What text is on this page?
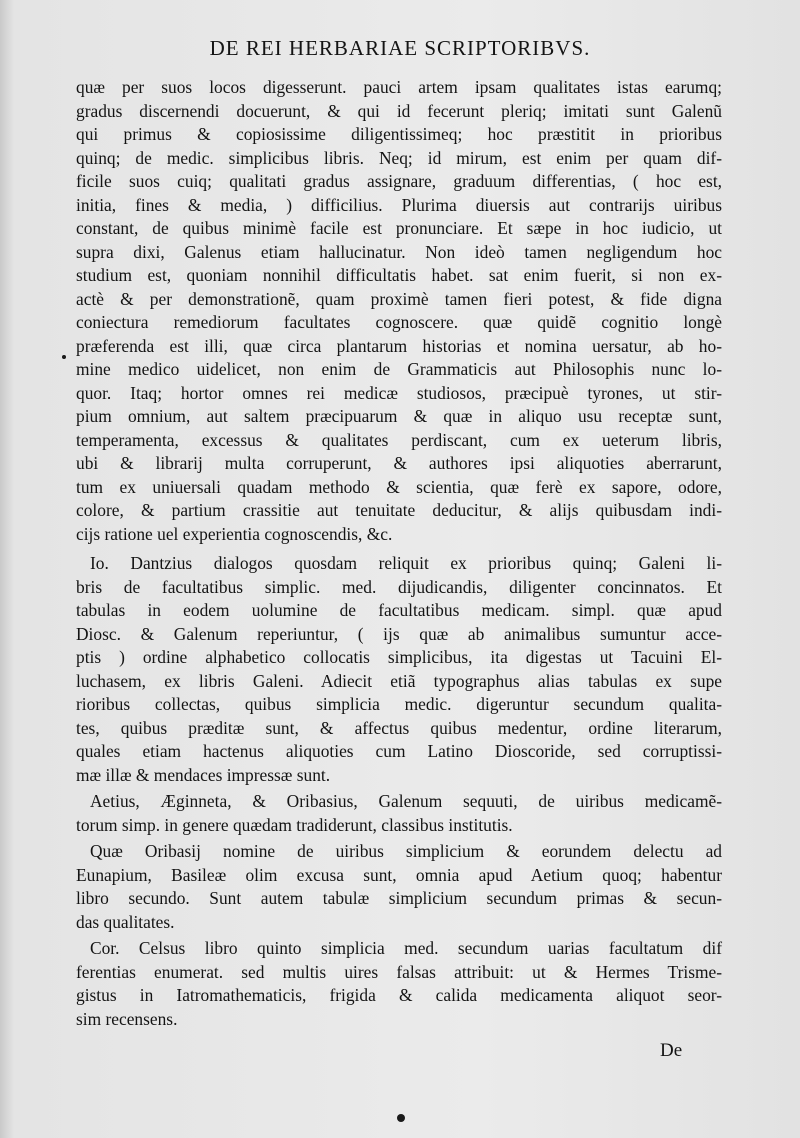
DE REI HERBARIAE SCRIPTORIBVS.

quæ per suos locos digesserunt. pauci artem ipsam qualitates istas earumq;
gradus discernendi docuerunt, & qui id fecerunt pleriq; imitati sunt Galenũ
qui primus & copiosissime diligentissimeq; hoc præstitit in prioribus
quinq; de medic. simplicibus libris. Neq; id mirum, est enim per quam dif-
ficile suos cuiq; qualitati gradus assignare, graduum differentias, ( hoc est,
initia, fines & media, ) difficilius. Plurima diuersis aut contrarijs uiribus
constant, de quibus minimè facile est pronunciare. Et sæpe in hoc iudicio, ut
supra dixi, Galenus etiam hallucinatur. Non ideò tamen negligendum hoc
studium est, quoniam nonnihil difficultatis habet. sat enim fuerit, si non ex-
actè & per demonstrationẽ, quam proximè tamen fieri potest, & fide digna
coniectura remediorum facultates cognoscere. quæ quidẽ cognitio longè
præferenda est illi, quæ circa plantarum historias et nomina uersatur, ab ho-
mine medico uidelicet, non enim de Grammaticis aut Philosophis nunc lo-
quor. Itaq; hortor omnes rei medicæ studiosos, præcipuè tyrones, ut stir-
pium omnium, aut saltem præcipuarum & quæ in aliquo usu receptæ sunt,
temperamenta, excessus & qualitates perdiscant, cum ex ueterum libris,
ubi & librarij multa corruperunt, & authores ipsi aliquoties aberrarunt,
tum ex uniuersali quadam methodo & scientia, quæ ferè ex sapore, odore,
colore, & partium crassitie aut tenuitate deducitur, & alijs quibusdam indi-
cijs ratione uel experientia cognoscendis, &c.

Io. Dantzius dialogos quosdam reliquit ex prioribus quinq; Galeni li-
bris de facultatibus simplic. med. dijudicandis, diligenter concinnatos. Et
tabulas in eodem uolumine de facultatibus medicam. simpl. quæ apud
Diosc. & Galenum reperiuntur, ( ijs quæ ab animalibus sumuntur acce-
ptis ) ordine alphabetico collocatis simplicibus, ita digestas ut Tacuini El-
luchasem, ex libris Galeni. Adiecit etiã typographus alias tabulas ex supe
rioribus collectas, quibus simplicia medic. digeruntur secundum qualita-
tes, quibus præditæ sunt, & affectus quibus medentur, ordine literarum,
quales etiam hactenus aliquoties cum Latino Dioscoride, sed corruptissi-
mæ illæ & mendaces impressæ sunt.

Aetius, Æginneta, & Oribasius, Galenum sequuti, de uiribus medicamẽ-
torum simp. in genere quædam tradiderunt, classibus institutis.

Quæ Oribasij nomine de uiribus simplicium & eorundem delectu ad
Eunapium, Basileæ olim excusa sunt, omnia apud Aetium quoq; habentur
libro secundo. Sunt autem tabulæ simplicium secundum primas & secun-
das qualitates.

Cor. Celsus libro quinto simplicia med. secundum uarias facultatum dif
ferentias enumerat. sed multis uires falsas attribuit: ut & Hermes Trisme-
gistus in Iatromathematicis, frigida & calida medicamenta aliquot seor-
sim recensens.

De
